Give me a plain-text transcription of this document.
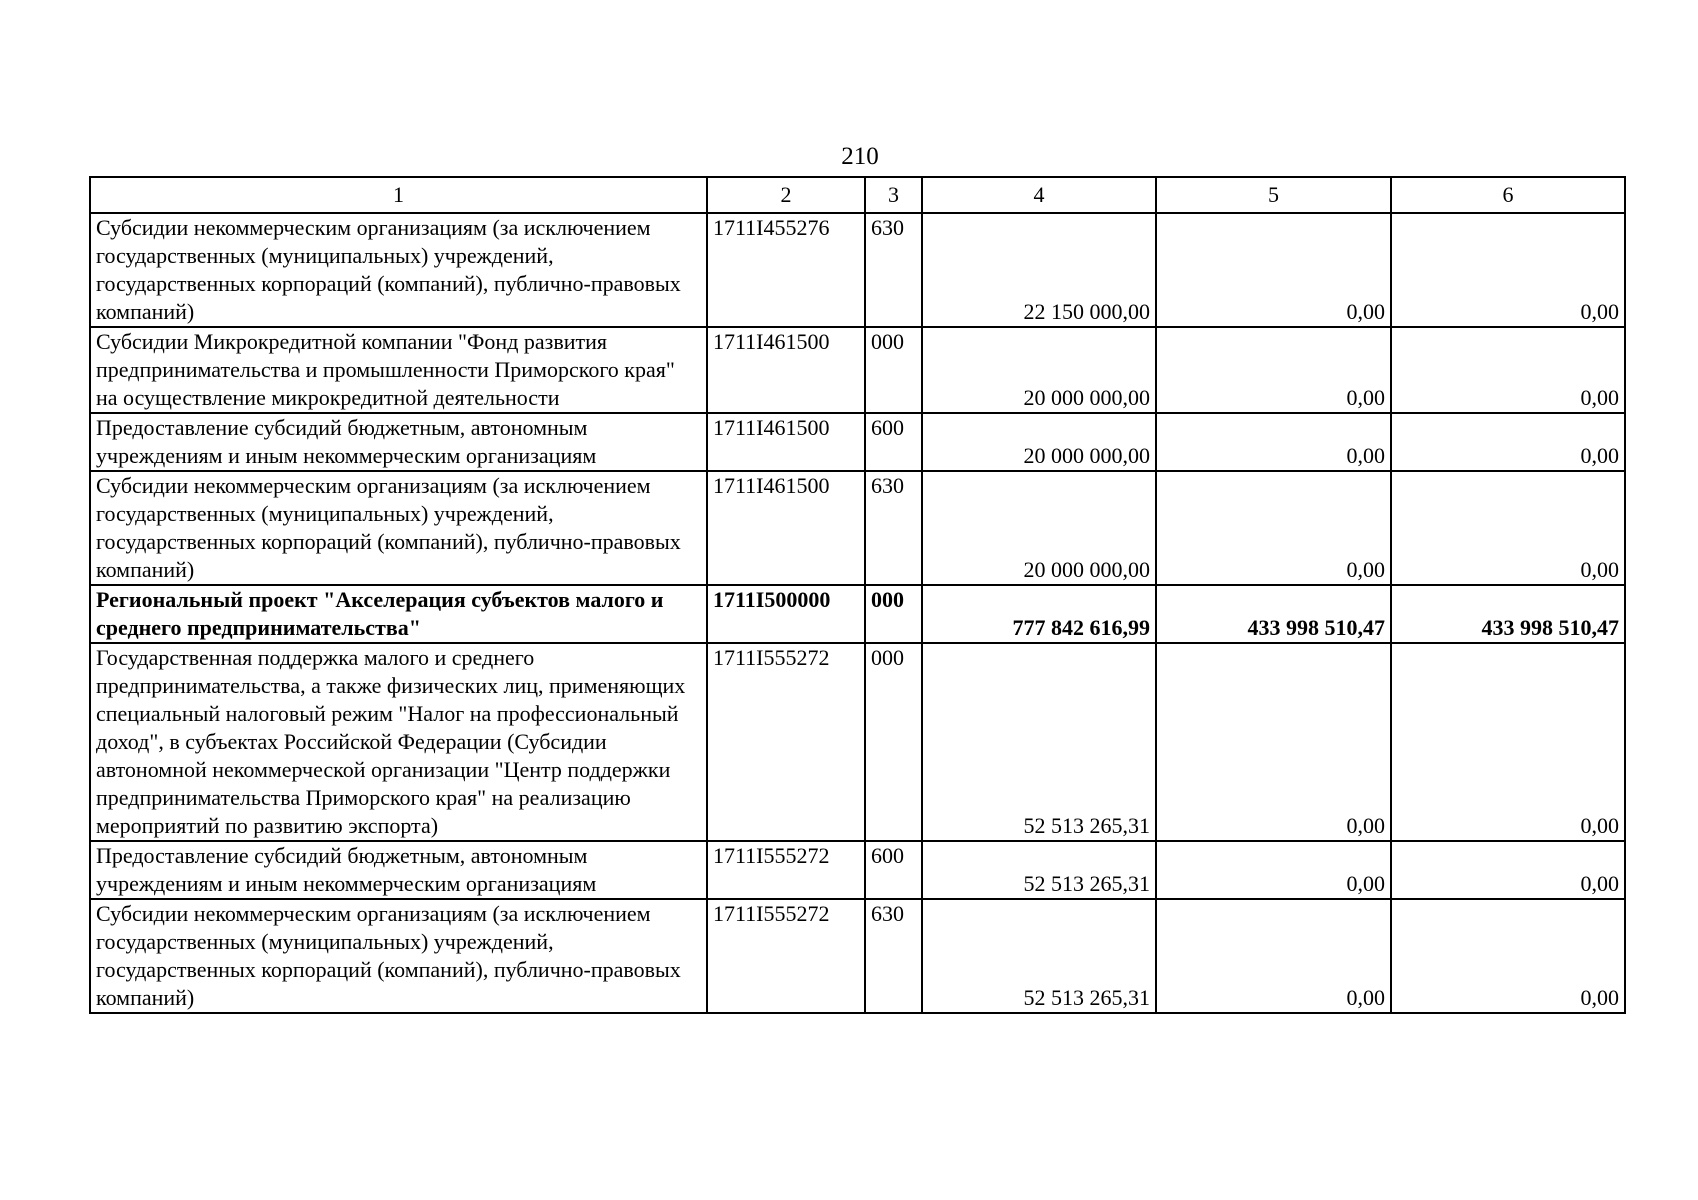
210
1	2	3	4	5	6
Субсидии некоммерческим организациям (за исключением государственных (муниципальных) учреждений, государственных корпораций (компаний), публично-правовых компаний)	1711I455276	630	22 150 000,00	0,00	0,00
Субсидии Микрокредитной компании "Фонд развития предпринимательства и промышленности Приморского края" на осуществление микрокредитной деятельности	1711I461500	000	20 000 000,00	0,00	0,00
Предоставление субсидий бюджетным, автономным учреждениям и иным некоммерческим организациям	1711I461500	600	20 000 000,00	0,00	0,00
Субсидии некоммерческим организациям (за исключением государственных (муниципальных) учреждений, государственных корпораций (компаний), публично-правовых компаний)	1711I461500	630	20 000 000,00	0,00	0,00
Региональный проект "Акселерация субъектов малого и среднего предпринимательства"	1711I500000	000	777 842 616,99	433 998 510,47	433 998 510,47
Государственная поддержка малого и среднего предпринимательства, а также физических лиц, применяющих специальный налоговый режим "Налог на профессиональный доход", в субъектах Российской Федерации (Субсидии автономной некоммерческой организации "Центр поддержки предпринимательства Приморского края" на реализацию мероприятий по развитию экспорта)	1711I555272	000	52 513 265,31	0,00	0,00
Предоставление субсидий бюджетным, автономным учреждениям и иным некоммерческим организациям	1711I555272	600	52 513 265,31	0,00	0,00
Субсидии некоммерческим организациям (за исключением государственных (муниципальных) учреждений, государственных корпораций (компаний), публично-правовых компаний)	1711I555272	630	52 513 265,31	0,00	0,00
